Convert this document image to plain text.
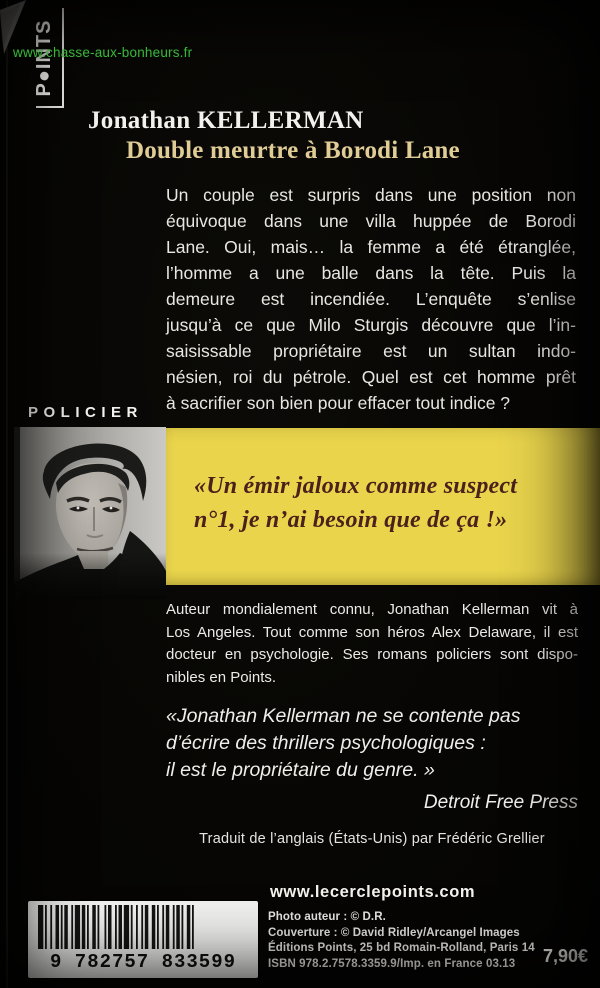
P●INTS
www.chasse-aux-bonheurs.fr
Jonathan KELLERMAN
Double meurtre à Borodi Lane
Un couple est surpris dans une position non
équivoque dans une villa huppée de Borodi
Lane. Oui, mais… la femme a été étranglée,
l’homme a une balle dans la tête. Puis la
demeure est incendiée. L’enquête s’enlise
jusqu’à ce que Milo Sturgis découvre que l’in-
saisissable propriétaire est un sultan indo-
nésien, roi du pétrole. Quel est cet homme prêt
à sacrifier son bien pour effacer tout indice ?
POLICIER
«Un émir jaloux comme suspect
n°1, je n’ai besoin que de ça !»
Auteur mondialement connu, Jonathan Kellerman vit à
Los Angeles. Tout comme son héros Alex Delaware, il est
docteur en psychologie. Ses romans policiers sont dispo-
nibles en Points.
«Jonathan Kellerman ne se contente pas
d’écrire des thrillers psychologiques :
il est le propriétaire du genre. »
Detroit Free Press
Traduit de l’anglais (États-Unis) par Frédéric Grellier
www.lecerclepoints.com
9 782757 833599
Photo auteur : © D.R.
Couverture : © David Ridley/Arcangel Images
Éditions Points, 25 bd Romain-Rolland, Paris 14
ISBN 978.2.7578.3359.9/Imp. en France 03.13	7,90€
